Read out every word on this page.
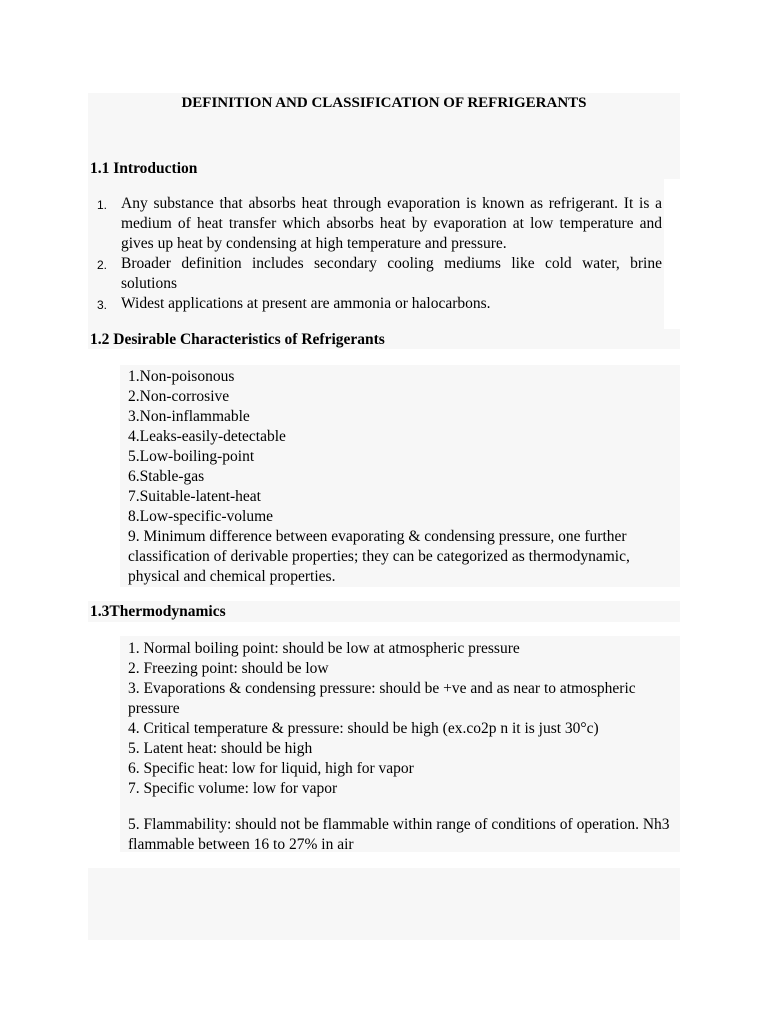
DEFINITION AND CLASSIFICATION OF REFRIGERANTS
1.1 Introduction
1. Any substance that absorbs heat through evaporation is known as refrigerant. It is a medium of heat transfer which absorbs heat by evaporation at low temperature and gives up heat by condensing at high temperature and pressure.
2. Broader definition includes secondary cooling mediums like cold water, brine solutions
3. Widest applications at present are ammonia or halocarbons.
1.2 Desirable Characteristics of Refrigerants
1.Non-poisonous
2.Non-corrosive
3.Non-inflammable
4.Leaks-easily-detectable
5.Low-boiling-point
6.Stable-gas
7.Suitable-latent-heat
8.Low-specific-volume
9. Minimum difference between evaporating & condensing pressure, one further classification of derivable properties; they can be categorized as thermodynamic, physical and chemical properties.
1.3Thermodynamics
1. Normal boiling point: should be low at atmospheric pressure
2. Freezing point: should be low
3. Evaporations & condensing pressure: should be +ve and as near to atmospheric pressure
4. Critical temperature & pressure: should be high (ex.co2p n it is just 30°c)
5. Latent heat: should be high
6. Specific heat: low for liquid, high for vapor
7. Specific volume: low for vapor

5. Flammability: should not be flammable within range of conditions of operation. Nh3 flammable between 16 to 27% in air
